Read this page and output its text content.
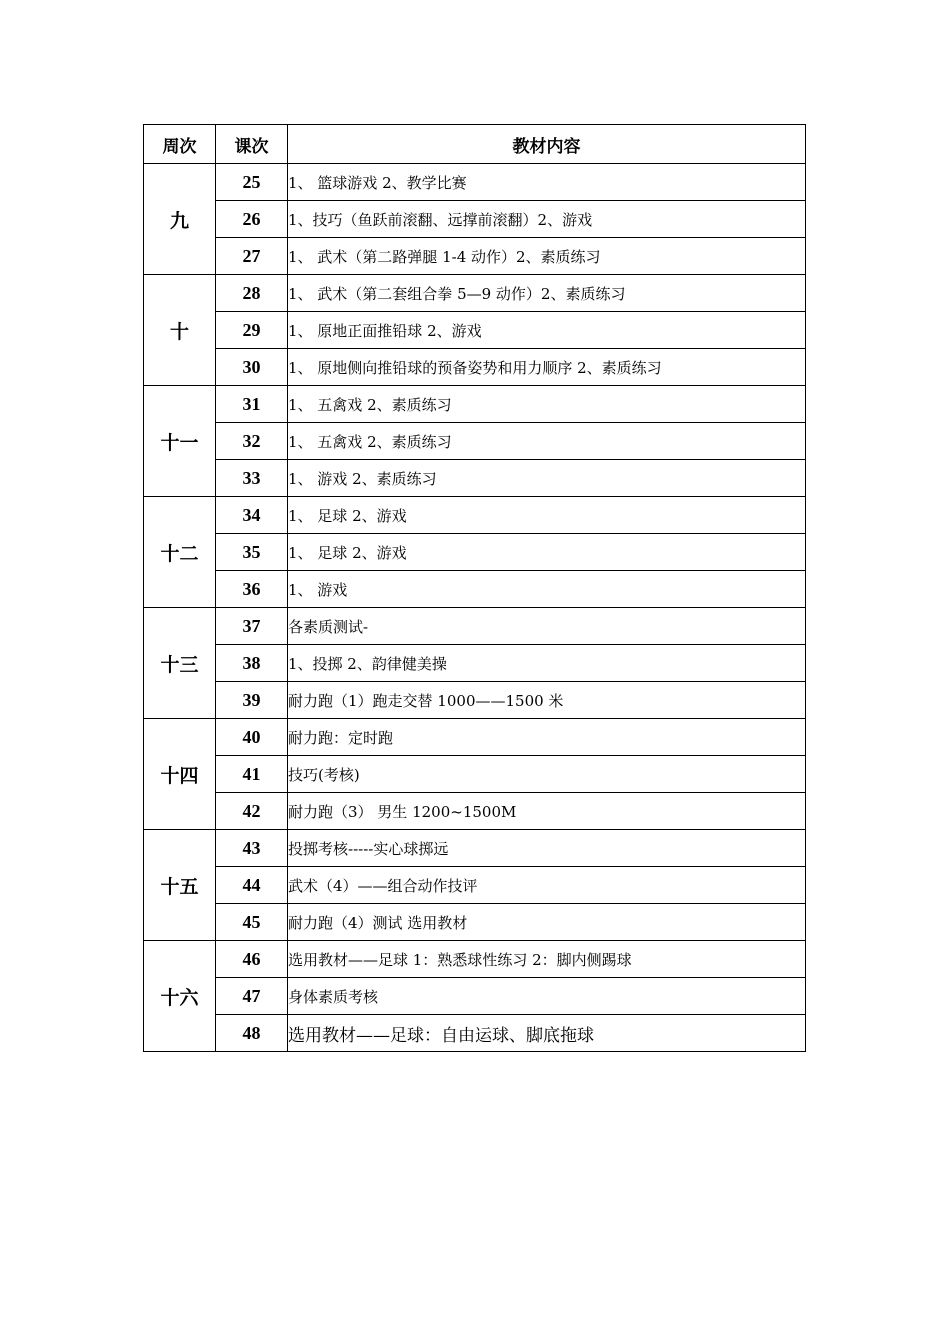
周次	课次	教材内容
九	25	1、 篮球游戏 2、教学比赛
	26	1、技巧（鱼跃前滚翻、远撑前滚翻）2、游戏
	27	1、 武术（第二路弹腿 1-4 动作）2、素质练习
十	28	1、 武术（第二套组合拳 5—9 动作）2、素质练习
	29	1、 原地正面推铅球 2、游戏
	30	1、 原地侧向推铅球的预备姿势和用力顺序 2、素质练习
十一	31	1、 五禽戏 2、素质练习
	32	1、 五禽戏 2、素质练习
	33	1、 游戏 2、素质练习
十二	34	1、 足球 2、游戏
	35	1、 足球 2、游戏
	36	1、 游戏
十三	37	各素质测试-
	38	1、投掷 2、韵律健美操
	39	耐力跑（1）跑走交替 1000——1500 米
十四	40	耐力跑：定时跑
	41	技巧(考核)
	42	耐力跑（3） 男生 1200~1500M
十五	43	投掷考核-----实心球掷远
	44	武术（4）——组合动作技评
	45	耐力跑（4）测试 选用教材
十六	46	选用教材——足球 1：熟悉球性练习 2：脚内侧踢球
	47	身体素质考核
	48	选用教材——足球：自由运球、脚底拖球
